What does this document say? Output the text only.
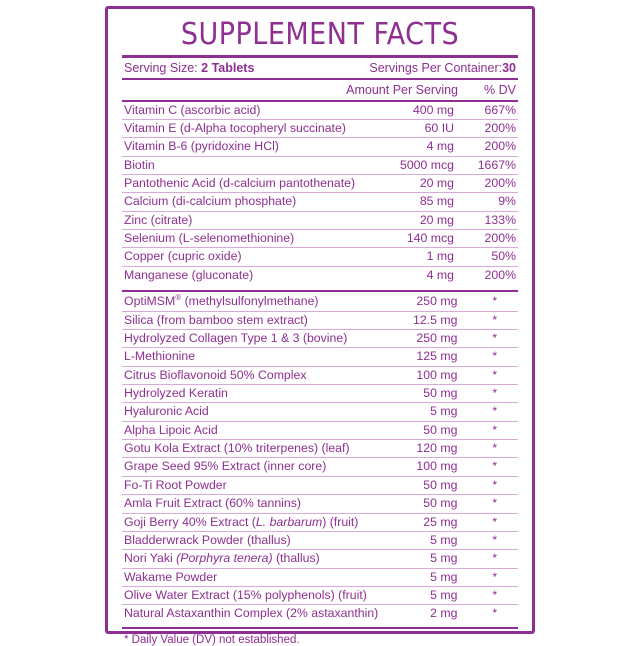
SUPPLEMENT FACTS
Serving Size: 2 Tablets	Servings Per Container:30
Amount Per Serving	% DV
Vitamin C (ascorbic acid)	400 mg	667%
Vitamin E (d-Alpha tocopheryl succinate)	60 IU	200%
Vitamin B-6 (pyridoxine HCl)	4 mg	200%
Biotin	5000 mcg	1667%
Pantothenic Acid (d-calcium pantothenate)	20 mg	200%
Calcium (di-calcium phosphate)	85 mg	9%
Zinc (citrate)	20 mg	133%
Selenium (L-selenomethionine)	140 mcg	200%
Copper (cupric oxide)	1 mg	50%
Manganese (gluconate)	4 mg	200%
OptiMSM® (methylsulfonylmethane)	250 mg	*
Silica (from bamboo stem extract)	12.5 mg	*
Hydrolyzed Collagen Type 1 & 3 (bovine)	250 mg	*
L-Methionine	125 mg	*
Citrus Bioflavonoid 50% Complex	100 mg	*
Hydrolyzed Keratin	50 mg	*
Hyaluronic Acid	5 mg	*
Alpha Lipoic Acid	50 mg	*
Gotu Kola Extract (10% triterpenes) (leaf)	120 mg	*
Grape Seed 95% Extract (inner core)	100 mg	*
Fo-Ti Root Powder	50 mg	*
Amla Fruit Extract (60% tannins)	50 mg	*
Goji Berry 40% Extract (L. barbarum) (fruit)	25 mg	*
Bladderwrack Powder (thallus)	5 mg	*
Nori Yaki (Porphyra tenera) (thallus)	5 mg	*
Wakame Powder	5 mg	*
Olive Water Extract (15% polyphenols) (fruit)	5 mg	*
Natural Astaxanthin Complex (2% astaxanthin)	2 mg	*
* Daily Value (DV) not established.
